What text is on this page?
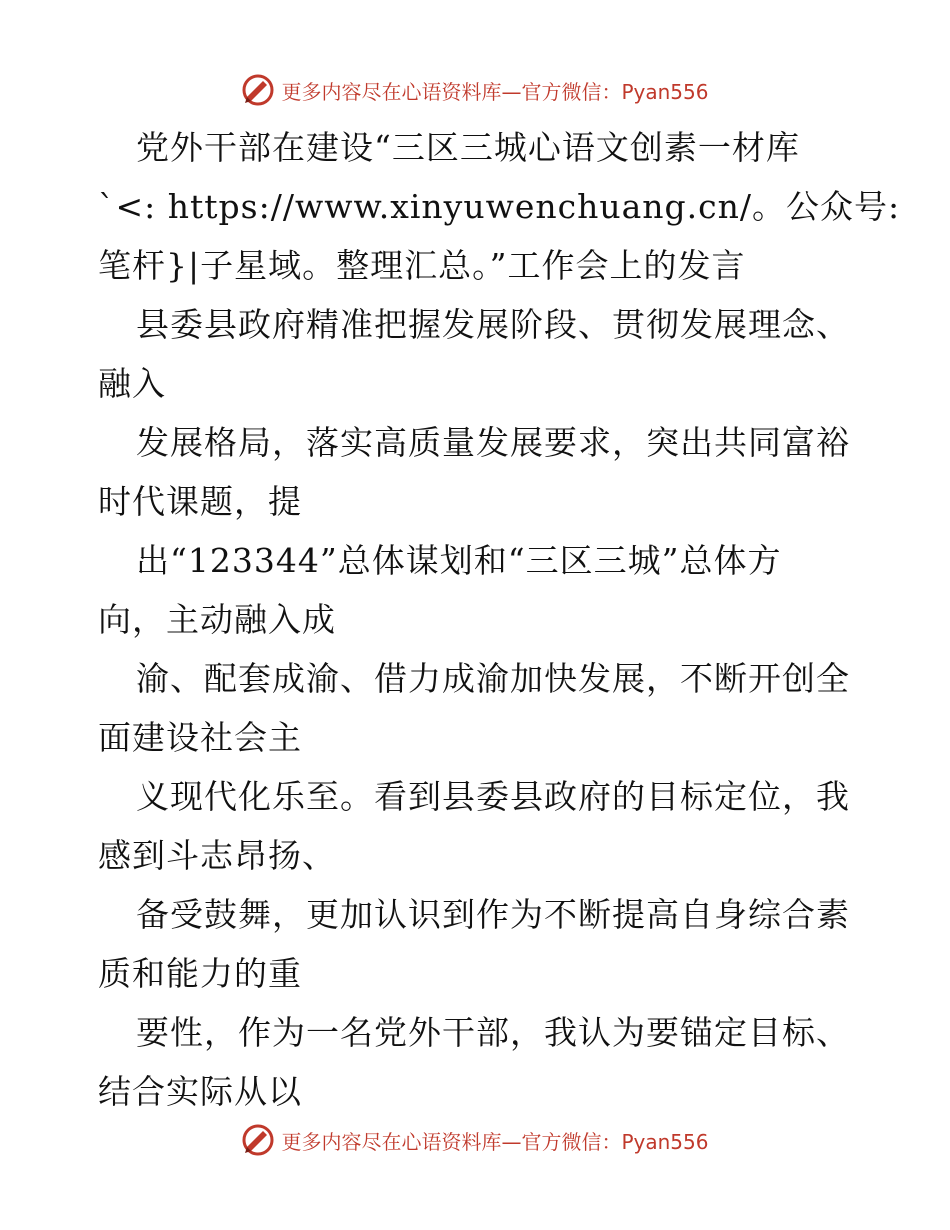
更多内容尽在心语资料库—官方微信：Pyan556
党外干部在建设“三区三城心语文创素一材库
`<: https://www.xinyuwenchuang.cn/。公众号:
笔杆}|子星域。整理汇总。”工作会上的发言
县委县政府精准把握发展阶段、贯彻发展理念、
融入
发展格局，落实高质量发展要求，突出共同富裕
时代课题，提
出“123344”总体谋划和“三区三城”总体方
向，主动融入成
渝、配套成渝、借力成渝加快发展，不断开创全
面建设社会主
义现代化乐至。看到县委县政府的目标定位，我
感到斗志昂扬、
备受鼓舞，更加认识到作为不断提高自身综合素
质和能力的重
要性，作为一名党外干部，我认为要锚定目标、
结合实际从以
更多内容尽在心语资料库—官方微信：Pyan556
